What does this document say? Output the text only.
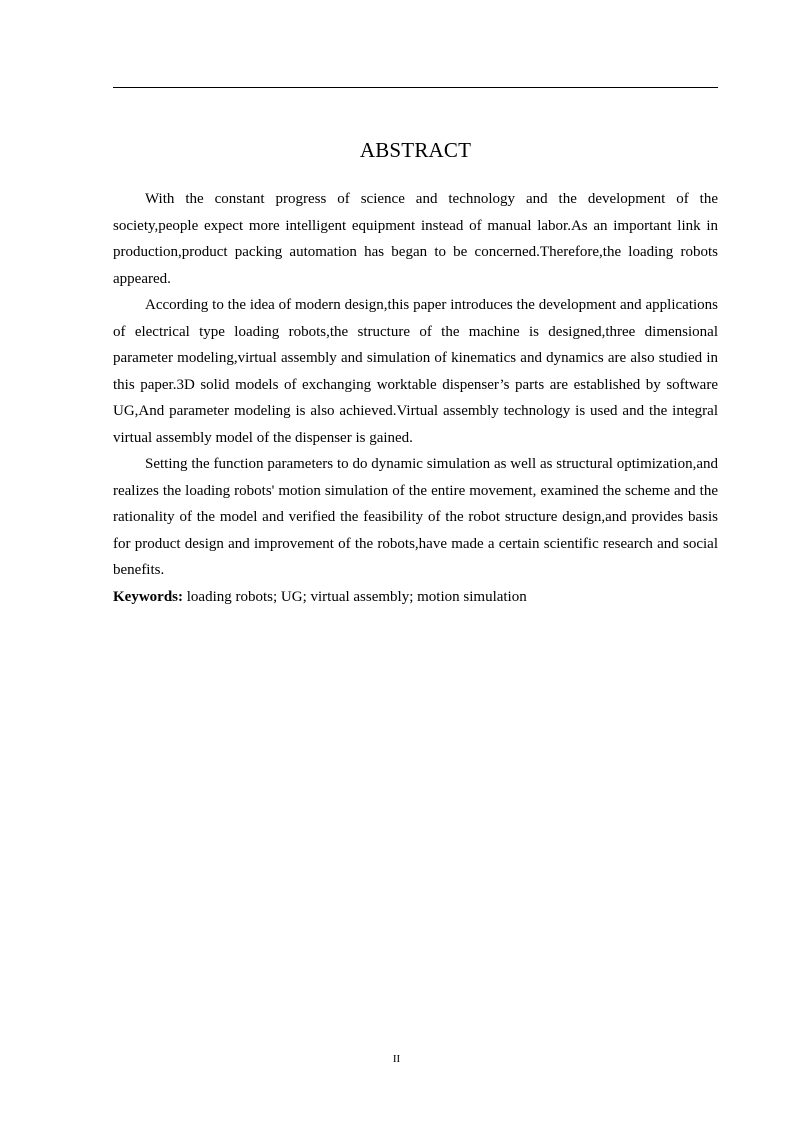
ABSTRACT

With the constant progress of science and technology and the development of the society,people expect more intelligent equipment instead of manual labor.As an important link in production,product packing automation has began to be concerned.Therefore,the loading robots appeared.

According to the idea of modern design,this paper introduces the development and applications of electrical type loading robots,the structure of the machine is designed,three dimensional parameter modeling,virtual assembly and simulation of kinematics and dynamics are also studied in this paper.3D solid models of exchanging worktable dispenser’s parts are established by software UG,And parameter modeling is also achieved.Virtual assembly technology is used and the integral virtual assembly model of the dispenser is gained.

Setting the function parameters to do dynamic simulation as well as structural optimization,and realizes the loading robots' motion simulation of the entire movement, examined the scheme and the rationality of the model and verified the feasibility of the robot structure design,and provides basis for product design and improvement of the robots,have made a certain scientific research and social benefits.

Keywords: loading robots; UG; virtual assembly; motion simulation

II
